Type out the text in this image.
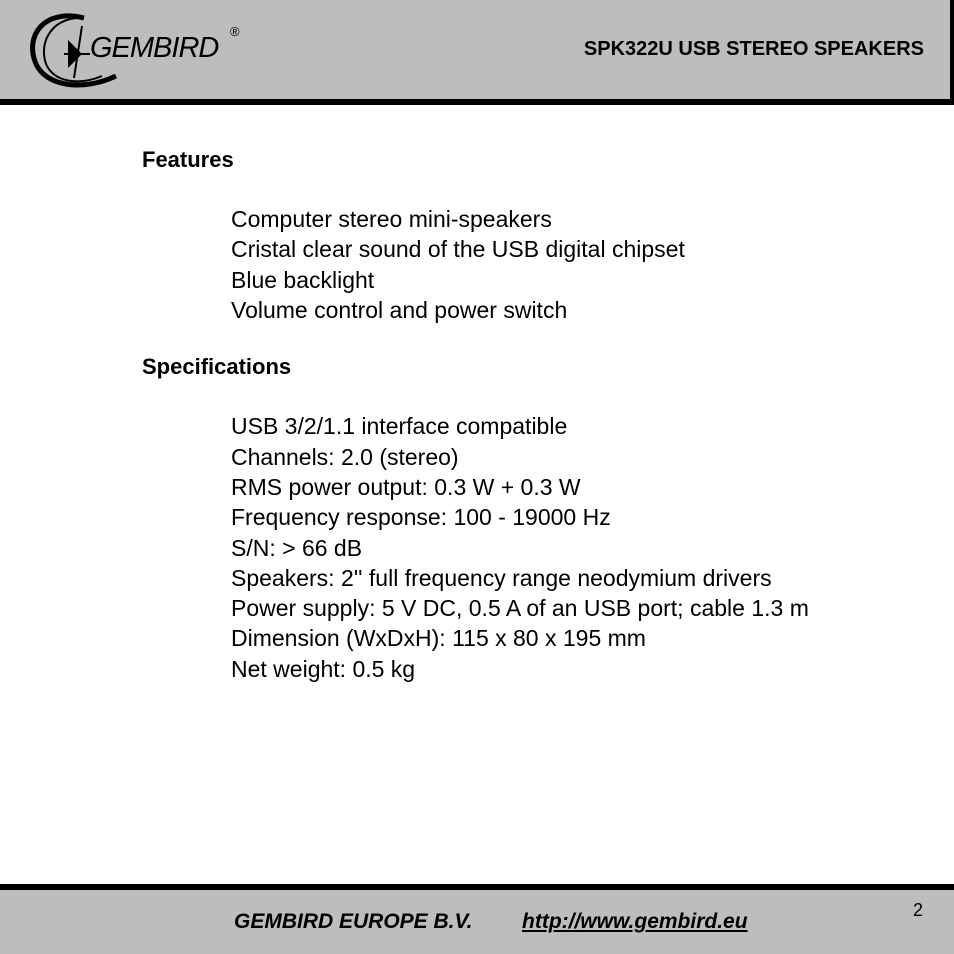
GEMBIRD
®
SPK322U USB STEREO SPEAKERS
Features
Computer stereo mini-speakers
Cristal clear sound of the USB digital chipset
Blue backlight
Volume control and power switch
Specifications
USB 3/2/1.1 interface compatible
Channels: 2.0 (stereo)
RMS power output: 0.3 W + 0.3 W
Frequency response: 100 - 19000 Hz
S/N: > 66 dB
Speakers: 2'' full frequency range neodymium drivers
Power supply: 5 V DC, 0.5 A of an USB port; cable 1.3 m
Dimension (WxDxH): 115 x 80 x 195 mm
Net weight: 0.5 kg
GEMBIRD EUROPE B.V. http://www.gembird.eu	2
